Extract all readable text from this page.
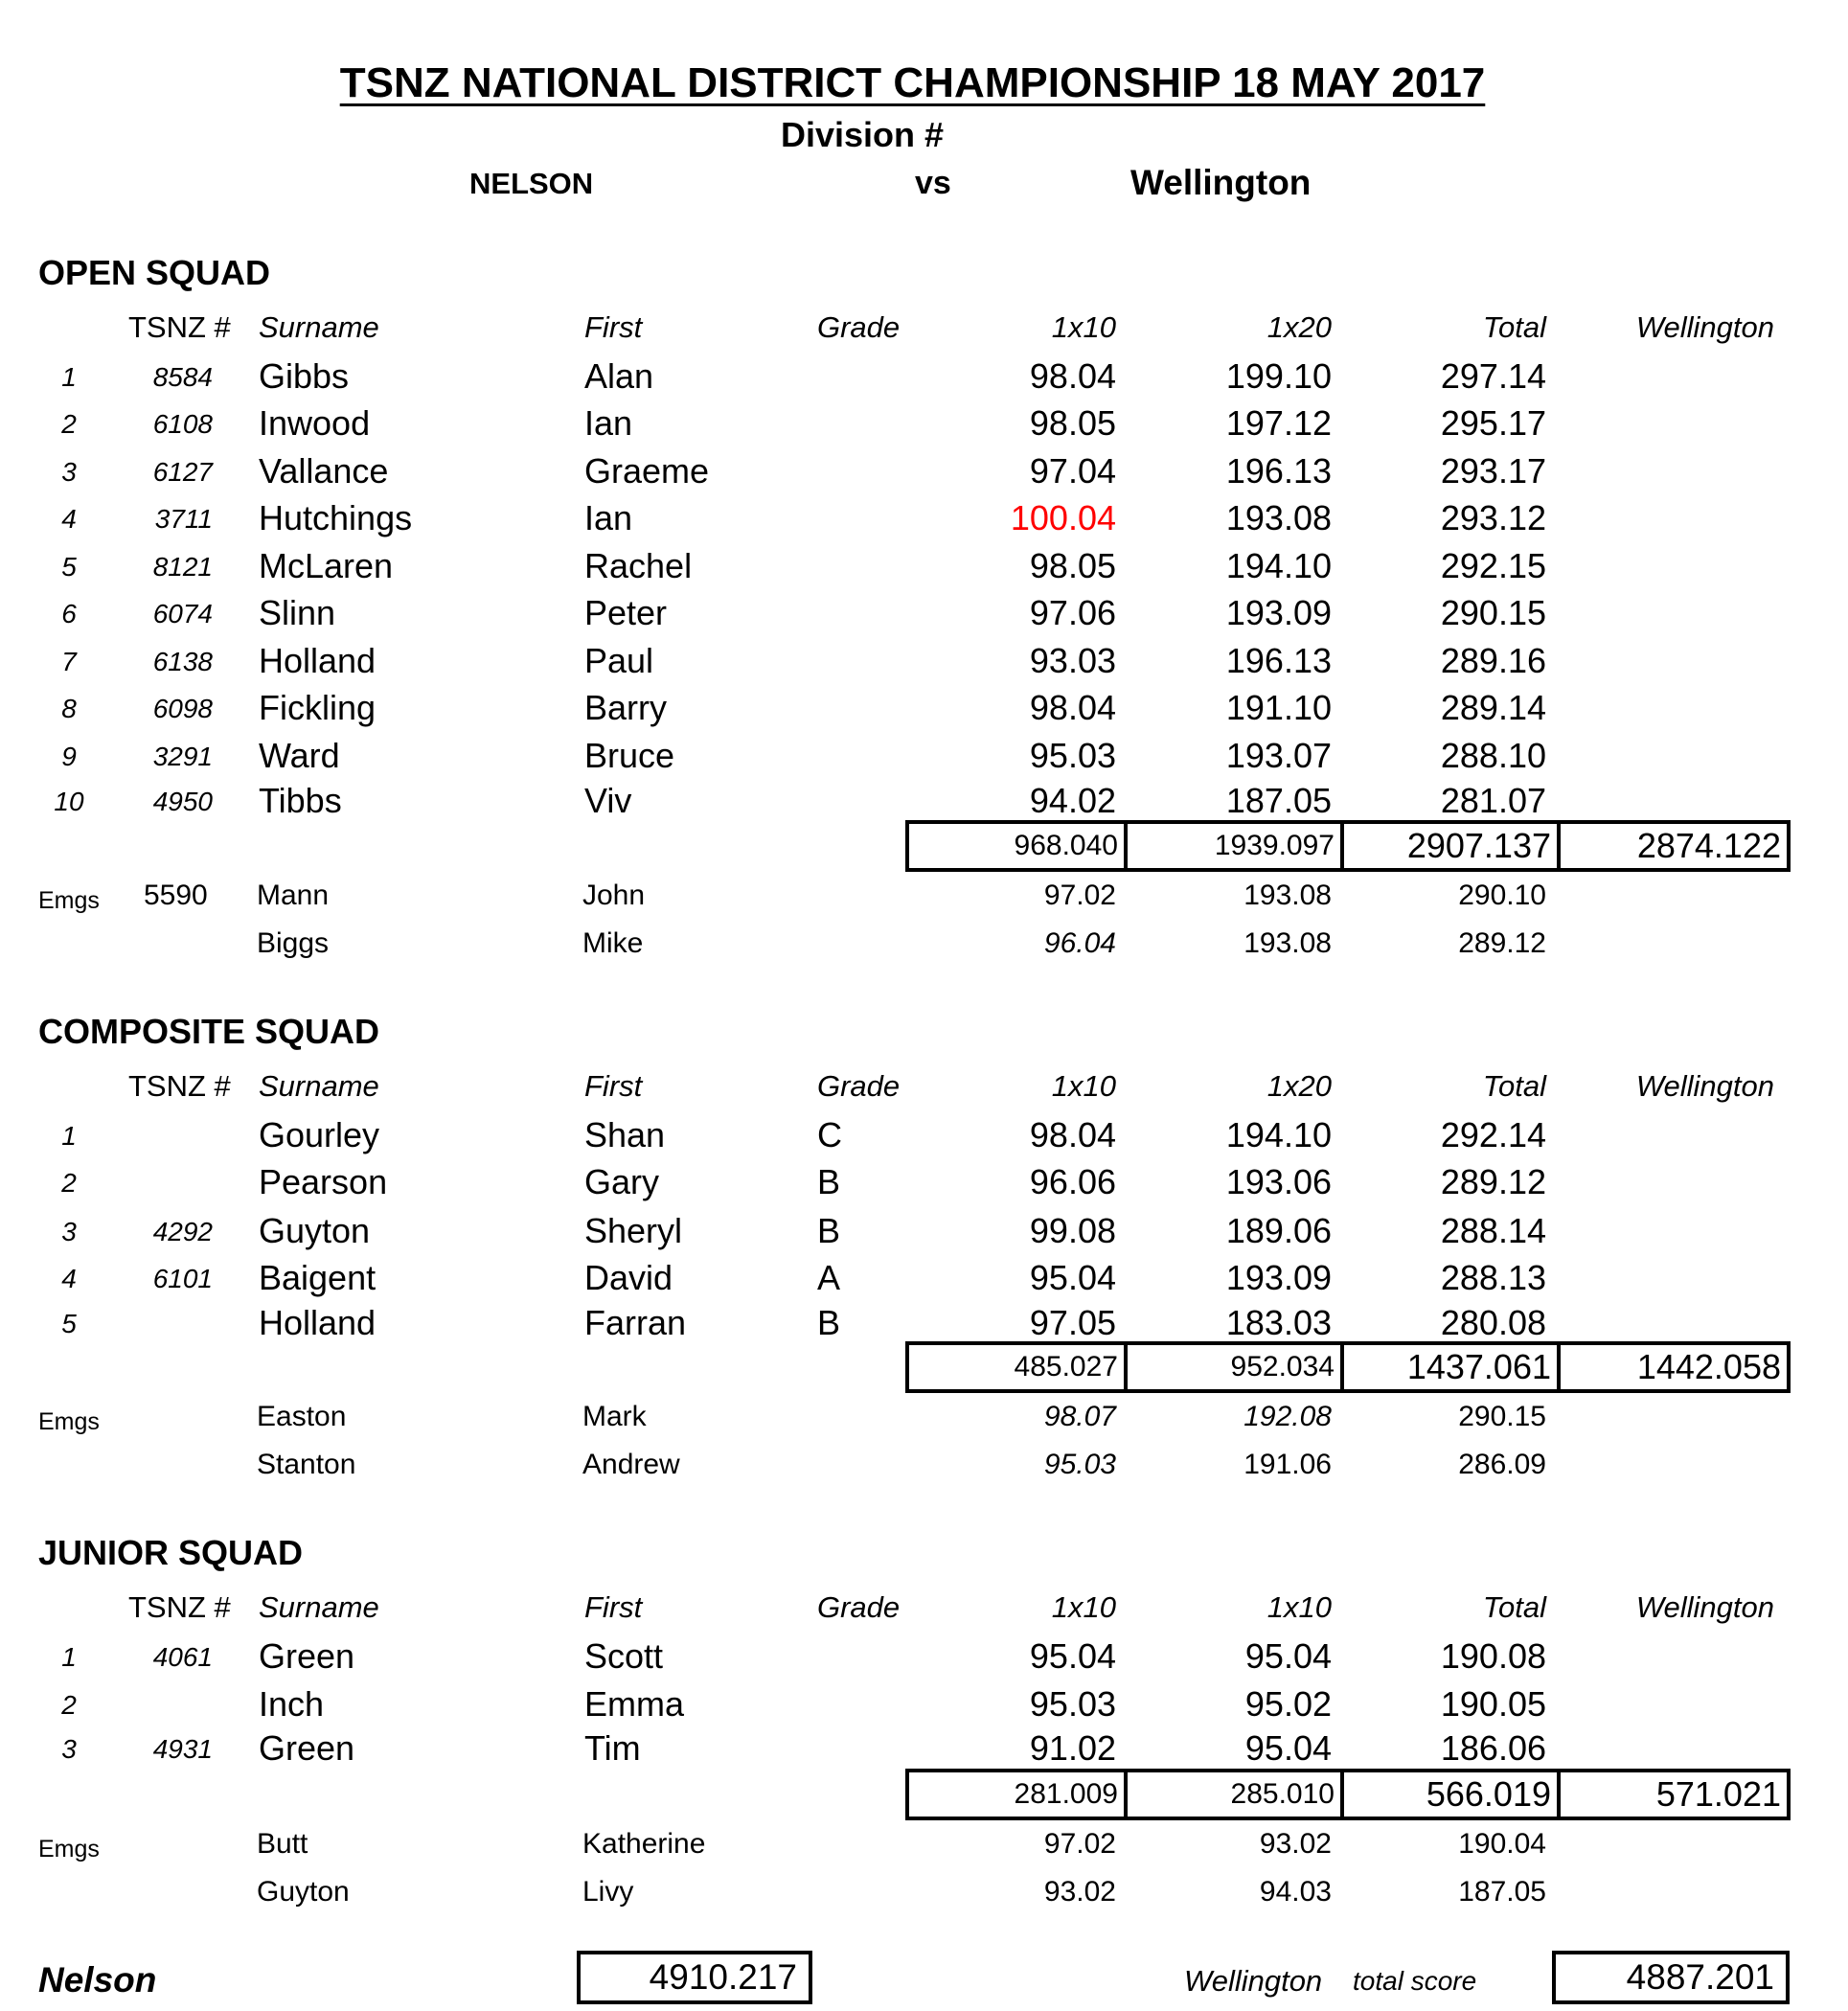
TSNZ NATIONAL DISTRICT CHAMPIONSHIP 18 MAY 2017
Division #
NELSON	vs	Wellington
OPEN SQUAD
TSNZ # Surname	First	Grade	1x10	1x20	Total	Wellington
1	8584 Gibbs	Alan	98.04	199.10	297.14
2	6108 Inwood	Ian	98.05	197.12	295.17
3	6127 Vallance	Graeme	97.04	196.13	293.17
4	3711 Hutchings	Ian	100.04	193.08	293.12
5	8121 McLaren	Rachel	98.05	194.10	292.15
6	6074 Slinn	Peter	97.06	193.09	290.15
7	6138 Holland	Paul	93.03	196.13	289.16
8	6098 Fickling	Barry	98.04	191.10	289.14
9	3291 Ward	Bruce	95.03	193.07	288.10
10	4950 Tibbs	Viv	94.02	187.05	281.07
968.040	1939.097	2907.137	2874.122
Emgs 5590 Mann	John	97.02	193.08	290.10
Biggs	Mike	96.04	193.08	289.12
COMPOSITE SQUAD
TSNZ # Surname	First	Grade	1x10	1x20	Total	Wellington
1	Gourley	Shan	C	98.04	194.10	292.14
2	Pearson	Gary	B	96.06	193.06	289.12
3	4292 Guyton	Sheryl	B	99.08	189.06	288.14
4	6101 Baigent	David	A	95.04	193.09	288.13
5	Holland	Farran	B	97.05	183.03	280.08
485.027	952.034	1437.061	1442.058
Emgs	Easton	Mark	98.07	192.08	290.15
Stanton	Andrew	95.03	191.06	286.09
JUNIOR SQUAD
TSNZ # Surname	First	Grade	1x10	1x10	Total	Wellington
1	4061 Green	Scott	95.04	95.04	190.08
2	Inch	Emma	95.03	95.02	190.05
3	4931 Green	Tim	91.02	95.04	186.06
281.009	285.010	566.019	571.021
Emgs	Butt	Katherine	97.02	93.02	190.04
Guyton	Livy	93.02	94.03	187.05
Nelson	4910.217	Wellington total score	4887.201
